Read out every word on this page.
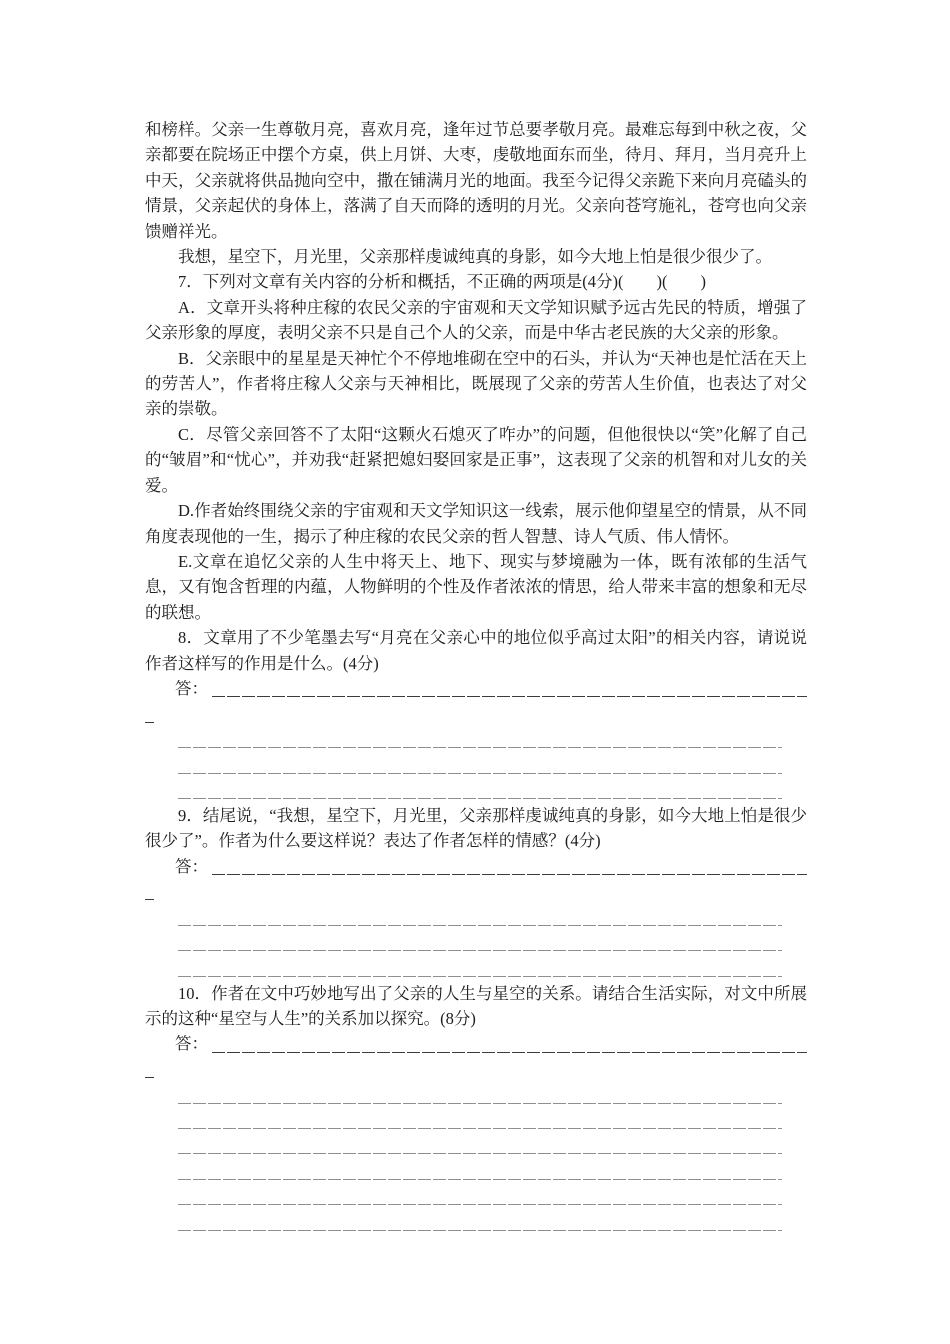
和榜样。父亲一生尊敬月亮，喜欢月亮，逢年过节总要孝敬月亮。最难忘每到中秋之夜，父亲都要在院场正中摆个方桌，供上月饼、大枣，虔敬地面东而坐，待月、拜月，当月亮升上中天，父亲就将供品抛向空中，撒在铺满月光的地面。我至今记得父亲跪下来向月亮磕头的情景，父亲起伏的身体上，落满了自天而降的透明的月光。父亲向苍穹施礼，苍穹也向父亲馈赠祥光。

我想，星空下，月光里，父亲那样虔诚纯真的身影，如今大地上怕是很少很少了。

7．下列对文章有关内容的分析和概括，不正确的两项是(4分)(　　)(　　)

A．文章开头将种庄稼的农民父亲的宇宙观和天文学知识赋予远古先民的特质，增强了父亲形象的厚度，表明父亲不只是自己个人的父亲，而是中华古老民族的大父亲的形象。

B．父亲眼中的星星是天神忙个不停地堆砌在空中的石头，并认为“天神也是忙活在天上的劳苦人”，作者将庄稼人父亲与天神相比，既展现了父亲的劳苦人生价值，也表达了对父亲的崇敬。

C．尽管父亲回答不了太阳“这颗火石熄灭了咋办”的问题，但他很快以“笑”化解了自己的“皱眉”和“忧心”，并劝我“赶紧把媳妇娶回家是正事”，这表现了父亲的机智和对儿女的关爱。

D.作者始终围绕父亲的宇宙观和天文学知识这一线索，展示他仰望星空的情景，从不同角度表现他的一生，揭示了种庄稼的农民父亲的哲人智慧、诗人气质、伟人情怀。

E.文章在追忆父亲的人生中将天上、地下、现实与梦境融为一体，既有浓郁的生活气息，又有饱含哲理的内蕴，人物鲜明的个性及作者浓浓的情思，给人带来丰富的想象和无尽的联想。

8．文章用了不少笔墨去写“月亮在父亲心中的地位似乎高过太阳”的相关内容，请说说作者这样写的作用是什么。(4分)

答：

9．结尾说，“我想，星空下，月光里，父亲那样虔诚纯真的身影，如今大地上怕是很少很少了”。作者为什么要这样说？表达了作者怎样的情感？(4分)

答：

10．作者在文中巧妙地写出了父亲的人生与星空的关系。请结合生活实际，对文中所展示的这种“星空与人生”的关系加以探究。(8分)

答：
